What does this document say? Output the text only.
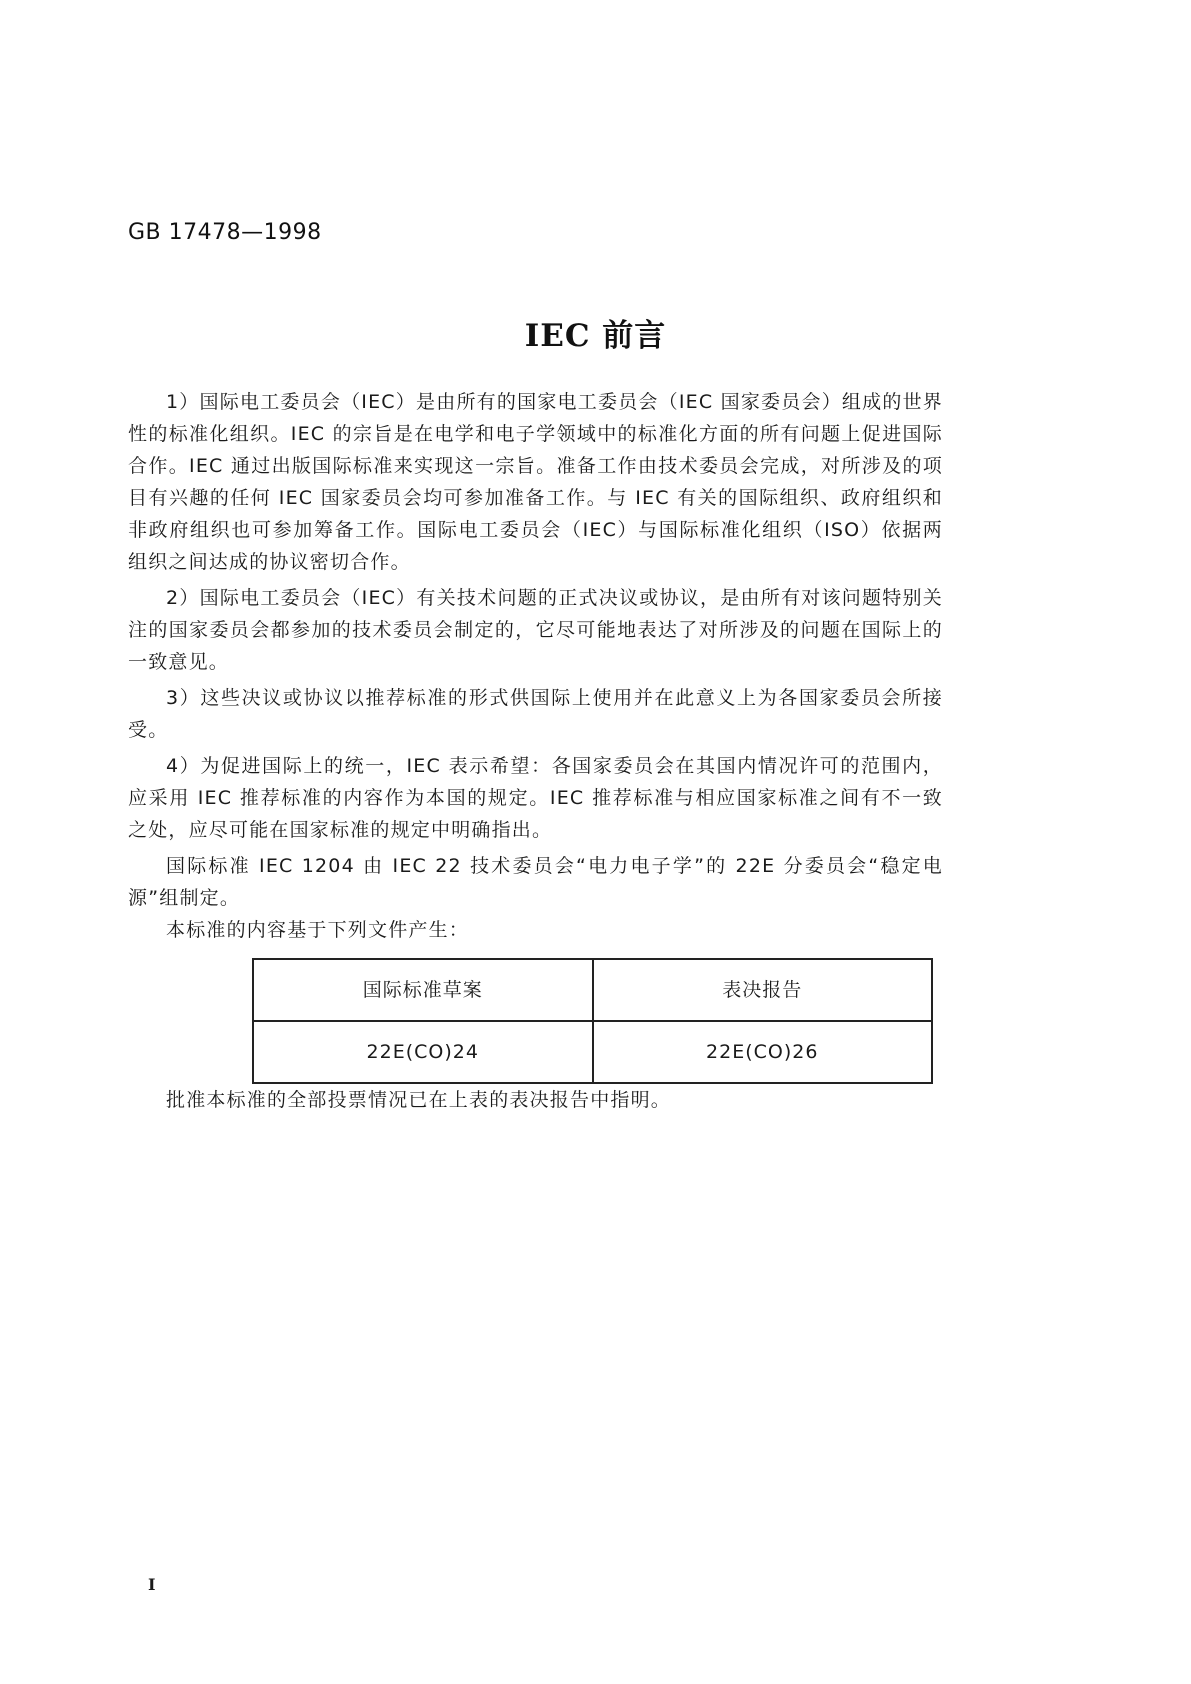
GB 17478—1998
IEC 前言

1）国际电工委员会（IEC）是由所有的国家电工委员会（IEC 国家委员会）组成的世界性的标准化组织。IEC 的宗旨是在电学和电子学领域中的标准化方面的所有问题上促进国际合作。IEC 通过出版国际标准来实现这一宗旨。准备工作由技术委员会完成，对所涉及的项目有兴趣的任何 IEC 国家委员会均可参加准备工作。与 IEC 有关的国际组织、政府组织和非政府组织也可参加筹备工作。国际电工委员会（IEC）与国际标准化组织（ISO）依据两组织之间达成的协议密切合作。

2）国际电工委员会（IEC）有关技术问题的正式决议或协议，是由所有对该问题特别关注的国家委员会都参加的技术委员会制定的，它尽可能地表达了对所涉及的问题在国际上的一致意见。

3）这些决议或协议以推荐标准的形式供国际上使用并在此意义上为各国家委员会所接受。

4）为促进国际上的统一，IEC 表示希望：各国家委员会在其国内情况许可的范围内，应采用 IEC 推荐标准的内容作为本国的规定。IEC 推荐标准与相应国家标准之间有不一致之处，应尽可能在国家标准的规定中明确指出。

国际标准 IEC 1204 由 IEC 22 技术委员会“电力电子学”的 22E 分委员会“稳定电源”组制定。

本标准的内容基于下列文件产生：

国际标准草案	表决报告
22E(CO)24	22E(CO)26

批准本标准的全部投票情况已在上表的表决报告中指明。

I
